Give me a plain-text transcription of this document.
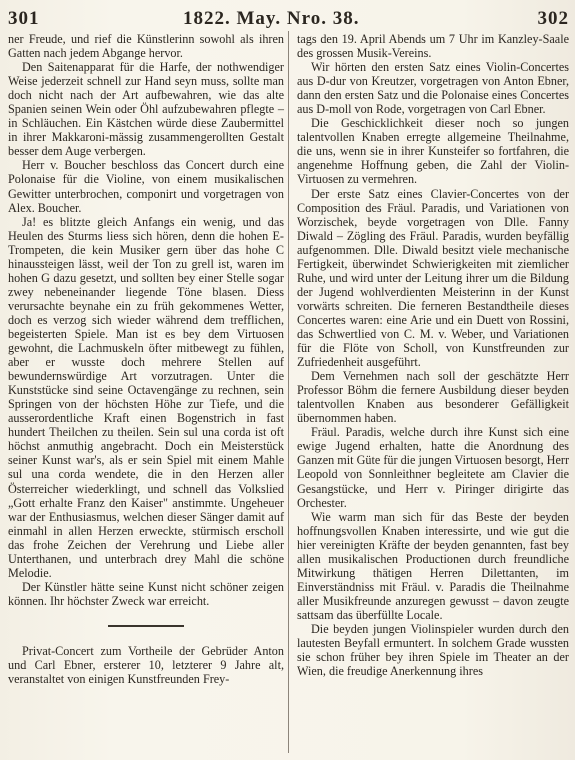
301	1822. May. Nro. 38.	302

ner Freude, und rief die Künstlerinn sowohl als ihren Gatten nach jedem Abgange hervor.

Den Saitenapparat für die Harfe, der nothwendiger Weise jederzeit schnell zur Hand seyn muss, sollte man doch nicht nach der Art aufbewahren, wie das alte Spanien seinen Wein oder Öhl aufzubewahren pflegte – in Schläuchen. Ein Kästchen würde diese Zaubermittel in ihrer Makkaroni-mässig zusammengerollten Gestalt besser dem Auge verbergen.

Herr v. Boucher beschloss das Concert durch eine Polonaise für die Violine, von einem musikalischen Gewitter unterbrochen, componirt und vorgetragen von Alex. Boucher.

Ja! es blitzte gleich Anfangs ein wenig, und das Heulen des Sturms liess sich hören, denn die hohen E-Trompeten, die kein Musiker gern über das hohe C hinaussteigen lässt, weil der Ton zu grell ist, waren im hohen G dazu gesetzt, und sollten bey einer Stelle sogar zwey nebeneinander liegende Töne blasen. Diess verursachte beynahe ein zu früh gekommenes Wetter, doch es verzog sich wieder während dem trefflichen, begeisterten Spiele. Man ist es bey dem Virtuosen gewohnt, die Lachmuskeln öfter mitbewegt zu fühlen, aber er wusste doch mehrere Stellen auf bewundernswürdige Art vorzutragen. Unter die Kunststücke sind seine Octavengänge zu rechnen, sein Springen von der höchsten Höhe zur Tiefe, und die ausserordentliche Kraft einen Bogenstrich in fast hundert Theilchen zu theilen. Sein sul una corda ist oft höchst anmuthig angebracht. Doch ein Meisterstück seiner Kunst war's, als er sein Spiel mit einem Mahle sul una corda wendete, die in den Herzen aller Österreicher wiederklingt, und schnell das Volkslied „Gott erhalte Franz den Kaiser" anstimmte. Ungeheuer war der Enthusiasmus, welchen dieser Sänger damit auf einmahl in allen Herzen erweckte, stürmisch erscholl das frohe Zeichen der Verehrung und Liebe aller Unterthanen, und unterbrach drey Mahl die schöne Melodie.

Der Künstler hätte seine Kunst nicht schöner zeigen können. Ihr höchster Zweck war erreicht.

Privat-Concert zum Vortheile der Gebrüder Anton und Carl Ebner, ersterer 10, letzterer 9 Jahre alt, veranstaltet von einigen Kunstfreunden Frey-

tags den 19. April Abends um 7 Uhr im Kanzley-Saale des grossen Musik-Vereins.

Wir hörten den ersten Satz eines Violin-Concertes aus D-dur von Kreutzer, vorgetragen von Anton Ebner, dann den ersten Satz und die Polonaise eines Concertes aus D-moll von Rode, vorgetragen von Carl Ebner.

Die Geschicklichkeit dieser noch so jungen talentvollen Knaben erregte allgemeine Theilnahme, die uns, wenn sie in ihrer Kunsteifer so fortfahren, die angenehme Hoffnung geben, die Zahl der Violin-Virtuosen zu vermehren.

Der erste Satz eines Clavier-Concertes von der Composition des Fräul. Paradis, und Variationen von Worzischek, beyde vorgetragen von Dlle. Fanny Diwald – Zögling des Fräul. Paradis, wurden beyfällig aufgenommen. Dlle. Diwald besitzt viele mechanische Fertigkeit, überwindet Schwierigkeiten mit ziemlicher Ruhe, und wird unter der Leitung ihrer um die Bildung der Jugend wohlverdienten Meisterinn in der Kunst vorwärts schreiten. Die ferneren Bestandtheile dieses Concertes waren: eine Arie und ein Duett von Rossini, das Schwertlied von C. M. v. Weber, und Variationen für die Flöte von Scholl, von Kunstfreunden zur Zufriedenheit ausgeführt.

Dem Vernehmen nach soll der geschätzte Herr Professor Böhm die fernere Ausbildung dieser beyden talentvollen Knaben aus besonderer Gefälligkeit übernommen haben.

Fräul. Paradis, welche durch ihre Kunst sich eine ewige Jugend erhalten, hatte die Anordnung des Ganzen mit Güte für die jungen Virtuosen besorgt, Herr Leopold von Sonnleithner begleitete am Clavier die Gesangstücke, und Herr v. Piringer dirigirte das Orchester.

Wie warm man sich für das Beste der beyden hoffnungsvollen Knaben interessirte, und wie gut die hier vereinigten Kräfte der beyden genannten, fast bey allen musikalischen Productionen durch freundliche Mitwirkung thätigen Herren Dilettanten, im Einverständniss mit Fräul. v. Paradis die Theilnahme aller Musikfreunde anzuregen gewusst – davon zeugte sattsam das überfüllte Locale.

Die beyden jungen Violinspieler wurden durch den lautesten Beyfall ermuntert. In solchem Grade wussten sie schon früher bey ihren Spiele im Theater an der Wien, die freudige Anerkennung ihres
